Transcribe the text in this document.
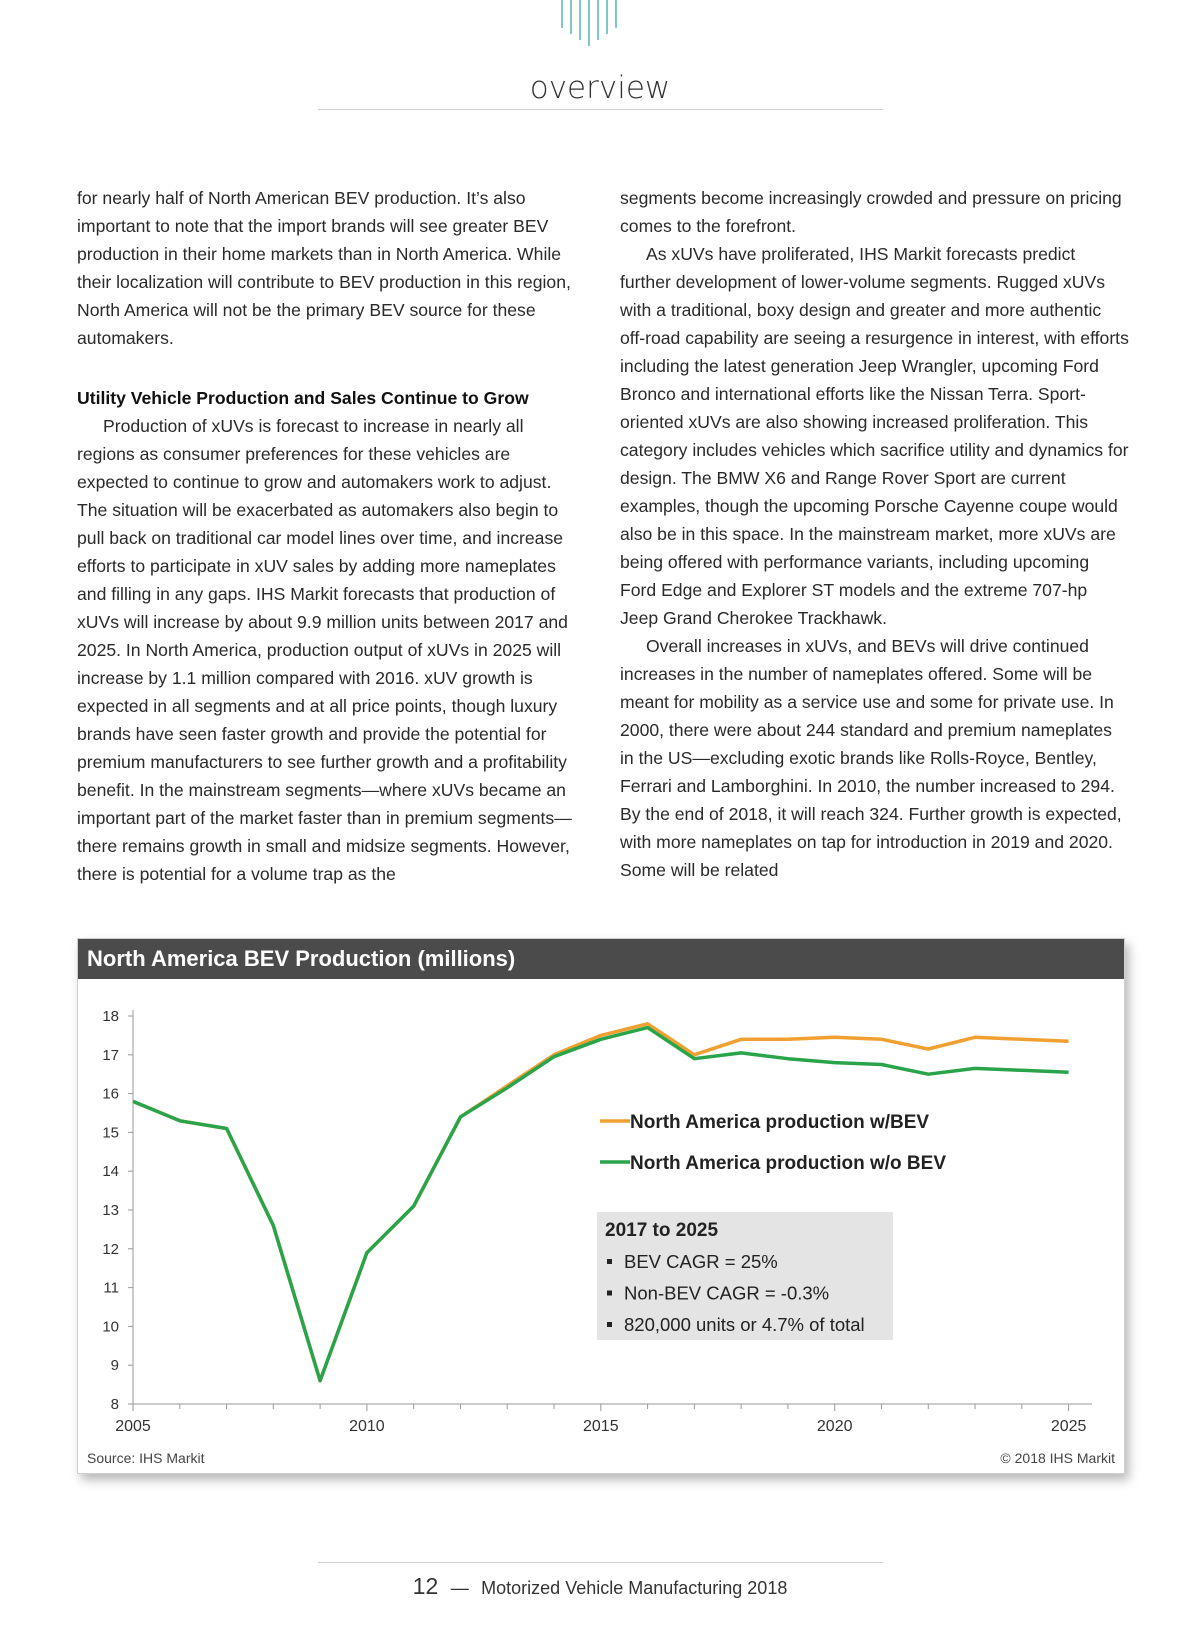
overview

for nearly half of North American BEV production. It’s also important to note that the import brands will see greater BEV production in their home markets than in North America. While their localization will contribute to BEV production in this region, North America will not be the primary BEV source for these automakers.

Utility Vehicle Production and Sales Continue to Grow

Production of xUVs is forecast to increase in nearly all regions as consumer preferences for these vehicles are expected to continue to grow and automakers work to adjust. The situation will be exacerbated as automakers also begin to pull back on traditional car model lines over time, and increase efforts to participate in xUV sales by adding more nameplates and filling in any gaps. IHS Markit forecasts that production of xUVs will increase by about 9.9 million units between 2017 and 2025. In North America, production output of xUVs in 2025 will increase by 1.1 million compared with 2016. xUV growth is expected in all segments and at all price points, though luxury brands have seen faster growth and provide the potential for premium manufacturers to see further growth and a profitability benefit. In the mainstream segments—where xUVs became an important part of the market faster than in premium segments—there remains growth in small and midsize segments. However, there is potential for a volume trap as the

segments become increasingly crowded and pressure on pricing comes to the forefront.

As xUVs have proliferated, IHS Markit forecasts predict further development of lower-volume segments. Rugged xUVs with a traditional, boxy design and greater and more authentic off-road capability are seeing a resurgence in interest, with efforts including the latest generation Jeep Wrangler, upcoming Ford Bronco and international efforts like the Nissan Terra. Sport-oriented xUVs are also showing increased proliferation. This category includes vehicles which sacrifice utility and dynamics for design. The BMW X6 and Range Rover Sport are current examples, though the upcoming Porsche Cayenne coupe would also be in this space. In the mainstream market, more xUVs are being offered with performance variants, including upcoming Ford Edge and Explorer ST models and the extreme 707-hp Jeep Grand Cherokee Trackhawk.

Overall increases in xUVs, and BEVs will drive continued increases in the number of nameplates offered. Some will be meant for mobility as a service use and some for private use. In 2000, there were about 244 standard and premium nameplates in the US—excluding exotic brands like Rolls-Royce, Bentley, Ferrari and Lamborghini. In 2010, the number increased to 294. By the end of 2018, it will reach 324. Further growth is expected, with more nameplates on tap for introduction in 2019 and 2020. Some will be related

North America BEV Production (millions)
8
9
10
11
12
13
14
15
16
17
18
2005	2010	2015	2020	2025
North America production w/BEV
North America production w/o BEV
2017 to 2025
BEV CAGR = 25%
Non-BEV CAGR = -0.3%
820,000 units or 4.7% of total
Source: IHS Markit	© 2018 IHS Markit
12 — Motorized Vehicle Manufacturing 2018
